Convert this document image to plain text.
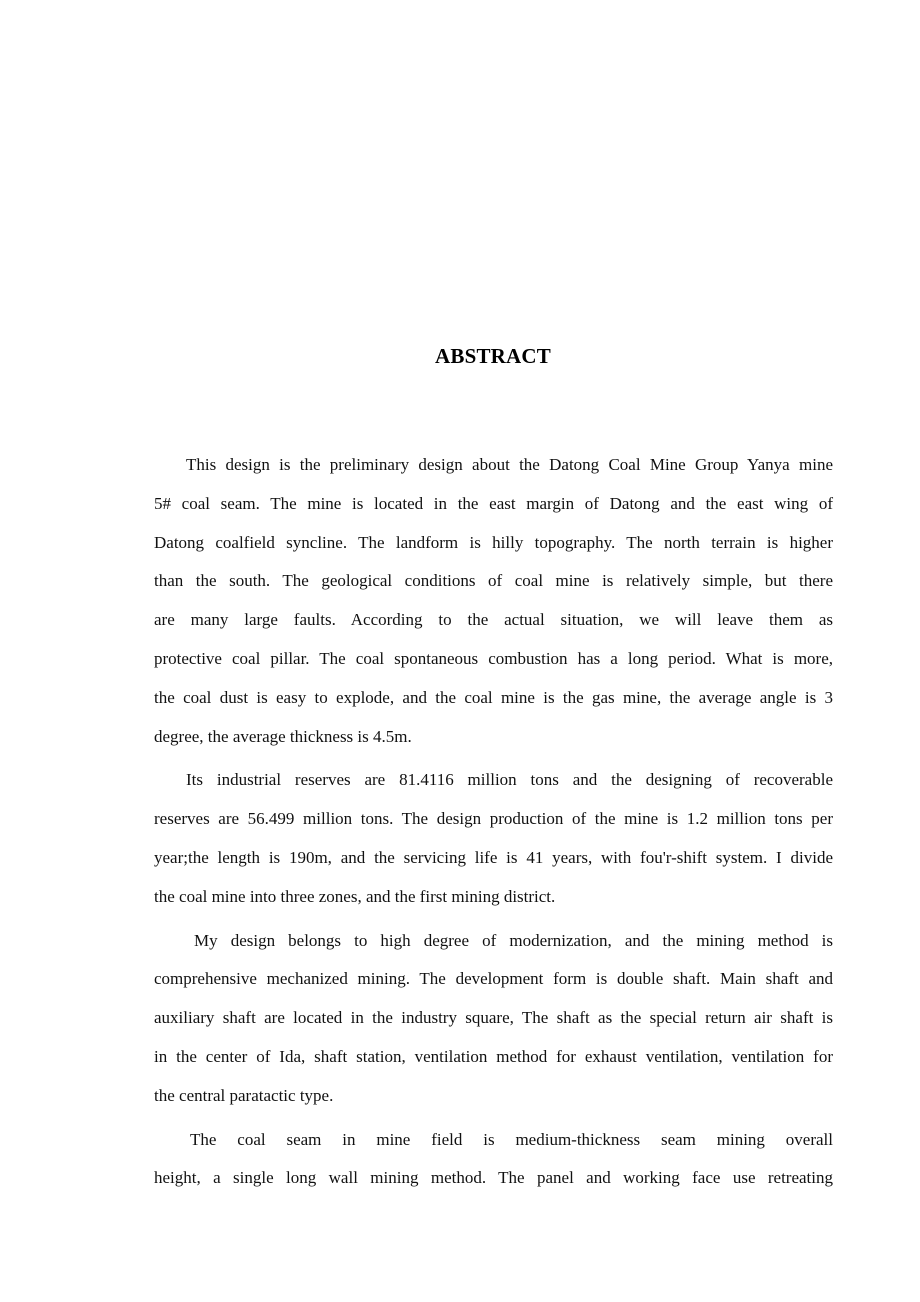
ABSTRACT
This design is the preliminary design about the Datong Coal Mine Group Yanya mine
5# coal seam. The mine is located in the east margin of Datong and the east wing of
Datong coalfield syncline. The landform is hilly topography. The north terrain is higher
than the south. The geological conditions of coal mine is relatively simple, but there
are many large faults. According to the actual situation, we will leave them as
protective coal pillar. The coal spontaneous combustion has a long period. What is more,
the coal dust is easy to explode, and the coal mine is the gas mine, the average angle is 3
degree, the average thickness is 4.5m.
Its industrial reserves are 81.4116 million tons and the designing of recoverable
reserves are 56.499 million tons. The design production of the mine is 1.2 million tons per
year;the length is 190m, and the servicing life is 41 years, with fou'r-shift system. I divide
the coal mine into three zones, and the first mining district.
My design belongs to high degree of modernization, and the mining method is
comprehensive mechanized mining. The development form is double shaft. Main shaft and
auxiliary shaft are located in the industry square, The shaft as the special return air shaft is
in the center of Ida, shaft station, ventilation method for exhaust ventilation, ventilation for
the central paratactic type.
The coal seam in mine field is medium-thickness seam mining overall
height, a single long wall mining method. The panel and working face use retreating
